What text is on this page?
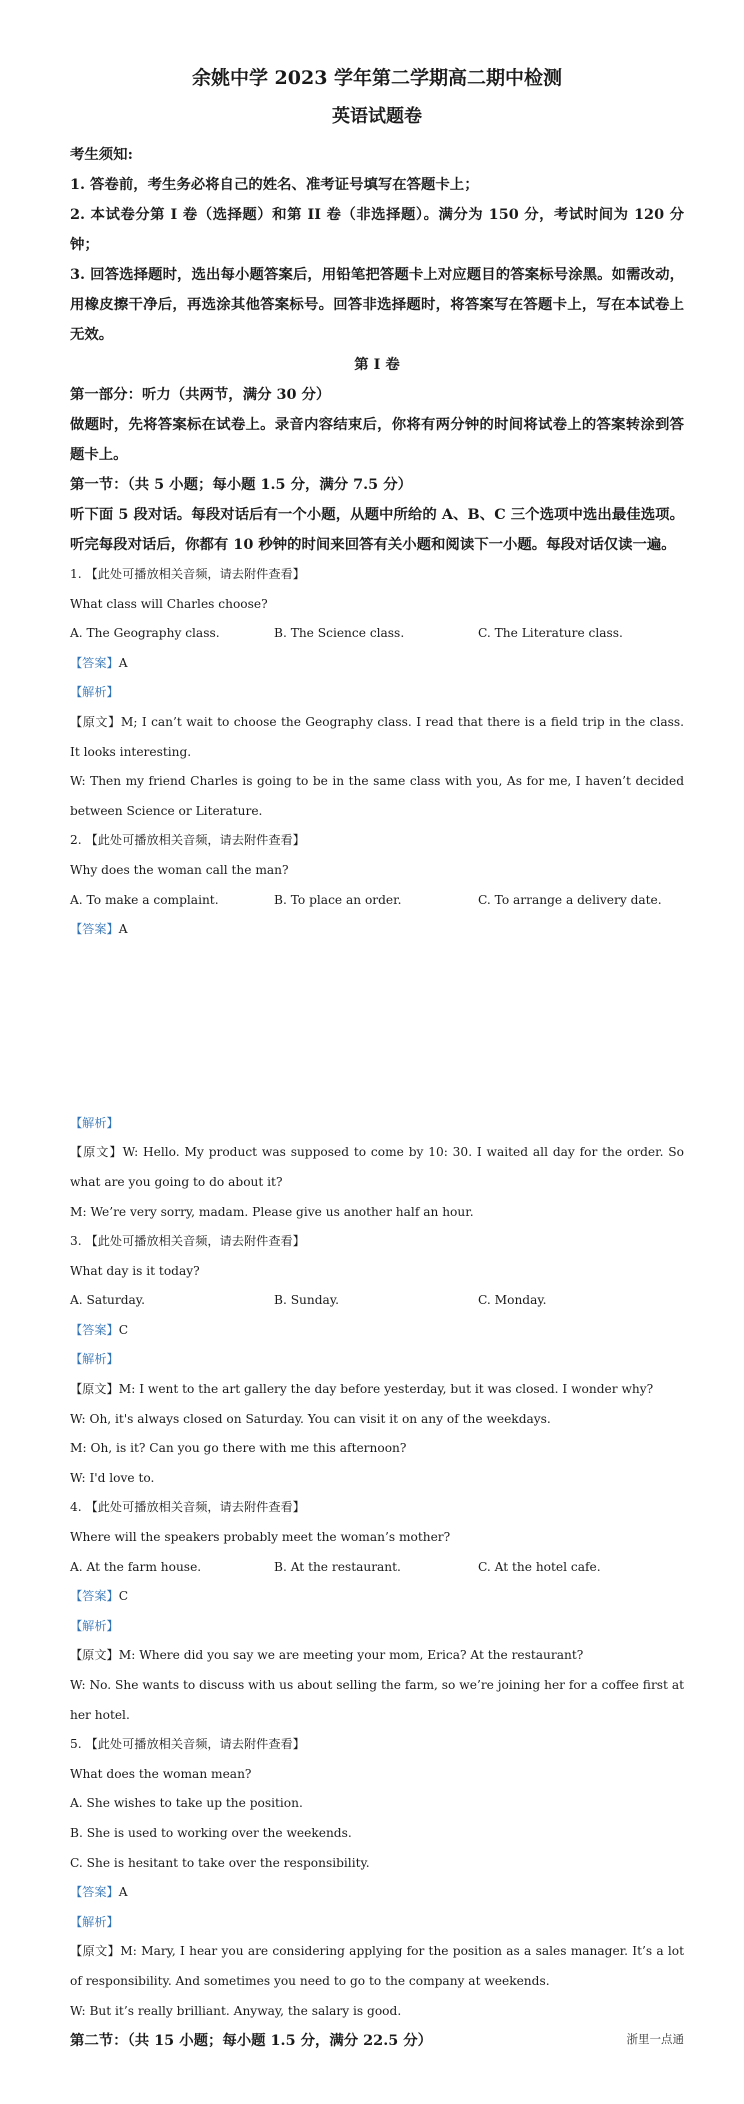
余姚中学 2023 学年第二学期高二期中检测
英语试题卷
考生须知:
1. 答卷前，考生务必将自己的姓名、准考证号填写在答题卡上；
2. 本试卷分第 I 卷（选择题）和第 II 卷（非选择题）。满分为 150 分，考试时间为 120 分钟；
3. 回答选择题时，选出每小题答案后，用铅笔把答题卡上对应题目的答案标号涂黑。如需改动，用橡皮擦干净后，再选涂其他答案标号。回答非选择题时，将答案写在答题卡上，写在本试卷上无效。
第 I 卷
第一部分：听力（共两节，满分 30 分）
做题时，先将答案标在试卷上。录音内容结束后，你将有两分钟的时间将试卷上的答案转涂到答题卡上。
第一节：（共 5 小题；每小题 1.5 分，满分 7.5 分）
听下面 5 段对话。每段对话后有一个小题，从题中所给的 A、B、C 三个选项中选出最佳选项。听完每段对话后，你都有 10 秒钟的时间来回答有关小题和阅读下一小题。每段对话仅读一遍。

1. 【此处可播放相关音频，请去附件查看】

What class will Charles choose?

A. The Geography class.	B. The Science class.	C. The Literature class.

【答案】A

【解析】

【原文】M; I can’t wait to choose the Geography class. I read that there is a field trip in the class. It looks interesting.

W: Then my friend Charles is going to be in the same class with you, As for me, I haven’t decided between Science or Literature.

2. 【此处可播放相关音频，请去附件查看】

Why does the woman call the man?

A. To make a complaint.	B. To place an order.	C. To arrange a delivery date.

【答案】A

【解析】

【原文】W: Hello. My product was supposed to come by 10: 30. I waited all day for the order. So what are you going to do about it?

M: We’re very sorry, madam. Please give us another half an hour.

3. 【此处可播放相关音频，请去附件查看】

What day is it today?

A. Saturday.	B. Sunday.	C. Monday.

【答案】C

【解析】

【原文】M: I went to the art gallery the day before yesterday, but it was closed. I wonder why?

W: Oh, it's always closed on Saturday. You can visit it on any of the weekdays.

M: Oh, is it? Can you go there with me this afternoon?

W: I'd love to.

4. 【此处可播放相关音频，请去附件查看】

Where will the speakers probably meet the woman’s mother?

A. At the farm house.	B. At the restaurant.	C. At the hotel cafe.

【答案】C

【解析】

【原文】M: Where did you say we are meeting your mom, Erica? At the restaurant?

W: No. She wants to discuss with us about selling the farm, so we’re joining her for a coffee first at her hotel.

5. 【此处可播放相关音频，请去附件查看】

What does the woman mean?

A. She wishes to take up the position.

B. She is used to working over the weekends.

C. She is hesitant to take over the responsibility.

【答案】A

【解析】

【原文】M: Mary, I hear you are considering applying for the position as a sales manager. It’s a lot of responsibility. And sometimes you need to go to the company at weekends.

W: But it’s really brilliant. Anyway, the salary is good.

第二节：（共 15 小题；每小题 1.5 分，满分 22.5 分）	浙里一点通
